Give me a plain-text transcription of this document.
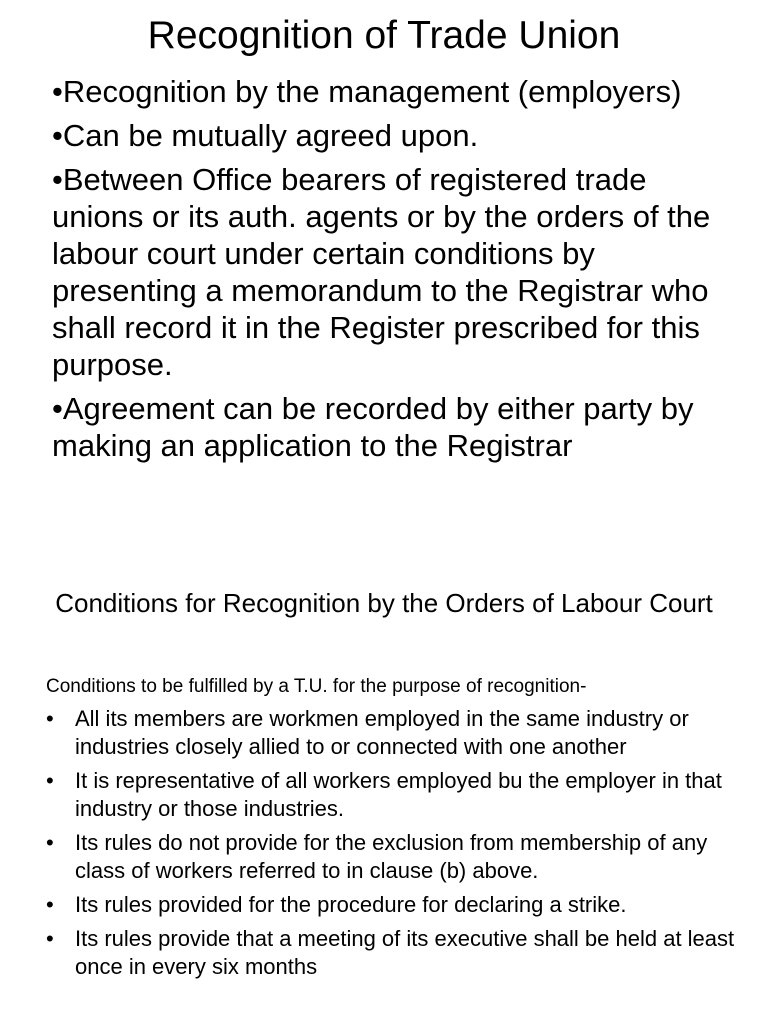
Recognition of Trade Union
•Recognition by the management (employers)
•Can be mutually agreed upon.
•Between Office bearers of registered trade unions or its auth. agents or by the orders of the labour court under certain conditions by presenting a memorandum to the Registrar who shall record it in the Register prescribed for this purpose.
•Agreement can be recorded by either party by making an application to the Registrar
Conditions for Recognition by the Orders of Labour Court

Conditions to be fulfilled by a T.U. for the purpose of recognition-

• All its members are workmen employed in the same industry or industries closely allied to or connected with one another
• It is representative of all workers employed bu the employer in that industry or those industries.
• Its rules do not provide for the exclusion from membership of any class of workers referred to in clause (b) above.
• Its rules provided for the procedure for declaring a strike.
• Its rules provide that a meeting of its executive shall be held at least once in every six months
